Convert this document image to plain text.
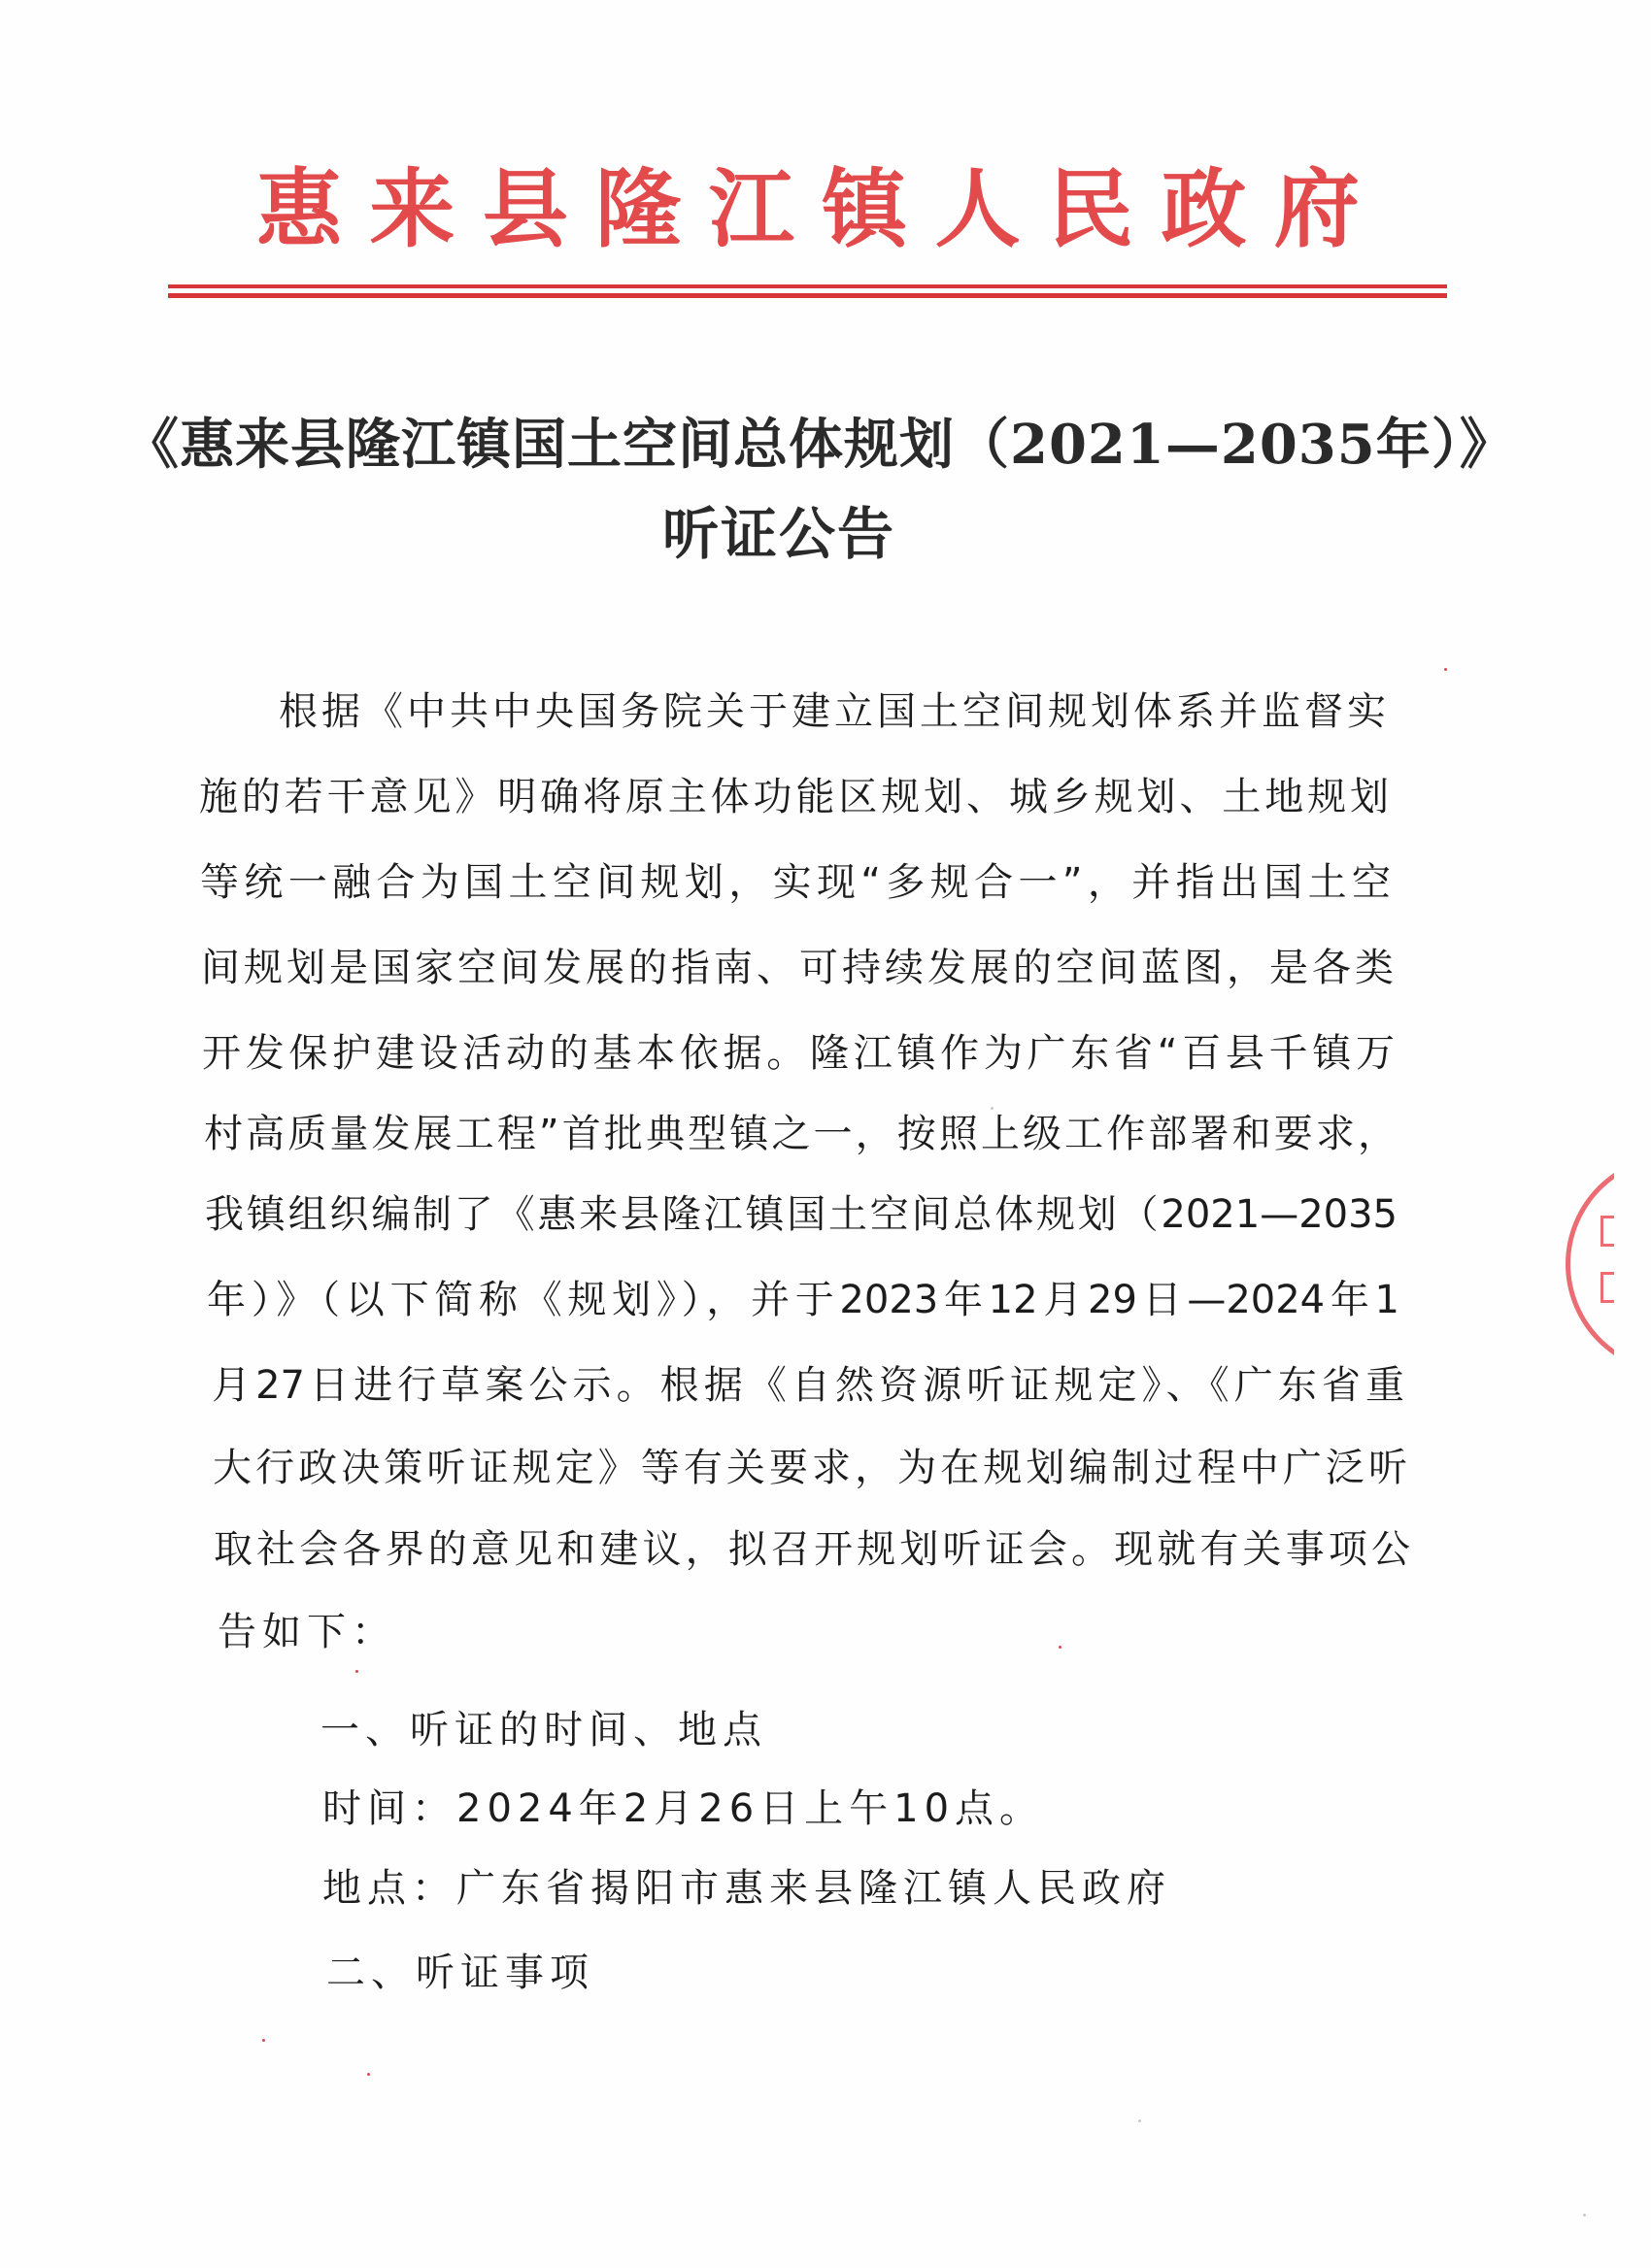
惠 来 县 隆 江 镇 人 民 政 府
《惠来县隆江镇国土空间总体规划（2021—2035年）》
听证公告
根据《中共中央国务院关于建立国土空间规划体系并监督实
施的若干意见》明确将原主体功能区规划、城乡规划、土地规划
等统一融合为国土空间规划，实现“多规合一”，并指出国土空
间规划是国家空间发展的指南、可持续发展的空间蓝图，是各类
开发保护建设活动的基本依据。隆江镇作为广东省“百县千镇万
村高质量发展工程”首批典型镇之一，按照上级工作部署和要求，
我镇组织编制了《惠来县隆江镇国土空间总体规划（2021—2035
年）》（以下简称《规划》），并于2023年12月29日—2024年1
月27日进行草案公示。根据《自然资源听证规定》、《广东省重
大行政决策听证规定》等有关要求，为在规划编制过程中广泛听
取社会各界的意见和建议，拟召开规划听证会。现就有关事项公
告如下：
一、听证的时间、地点
时间：2024年2月26日上午10点。
地点：广东省揭阳市惠来县隆江镇人民政府
二、听证事项
